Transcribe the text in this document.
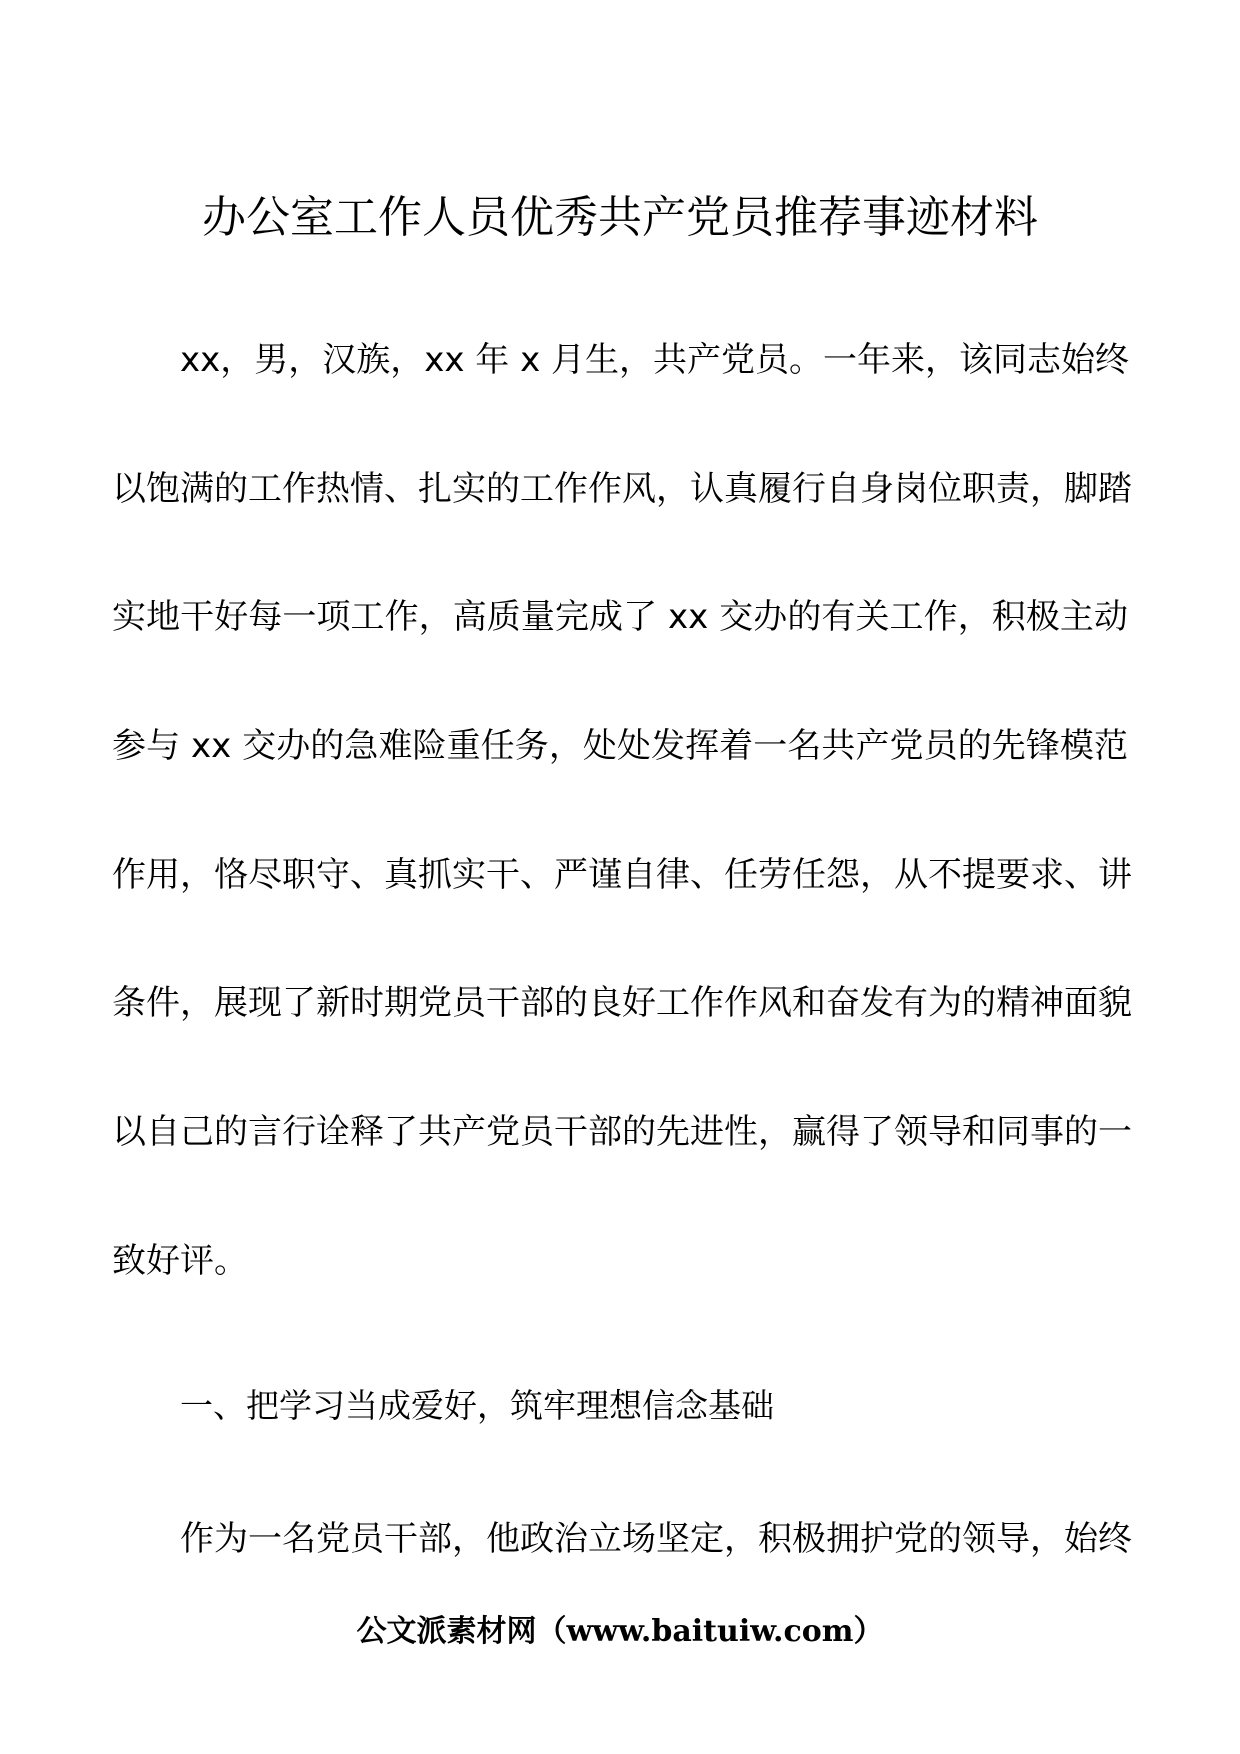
办公室工作人员优秀共产党员推荐事迹材料
xx，男，汉族，xx 年 x 月生，共产党员。一年来，该同志始终
以饱满的工作热情、扎实的工作作风，认真履行自身岗位职责，脚踏
实地干好每一项工作，高质量完成了 xx 交办的有关工作，积极主动
参与 xx 交办的急难险重任务，处处发挥着一名共产党员的先锋模范
作用，恪尽职守、真抓实干、严谨自律、任劳任怨，从不提要求、讲
条件，展现了新时期党员干部的良好工作作风和奋发有为的精神面貌
以自己的言行诠释了共产党员干部的先进性，赢得了领导和同事的一
致好评。
一、把学习当成爱好，筑牢理想信念基础
作为一名党员干部，他政治立场坚定，积极拥护党的领导，始终
公文派素材网（www.baituiw.com）
